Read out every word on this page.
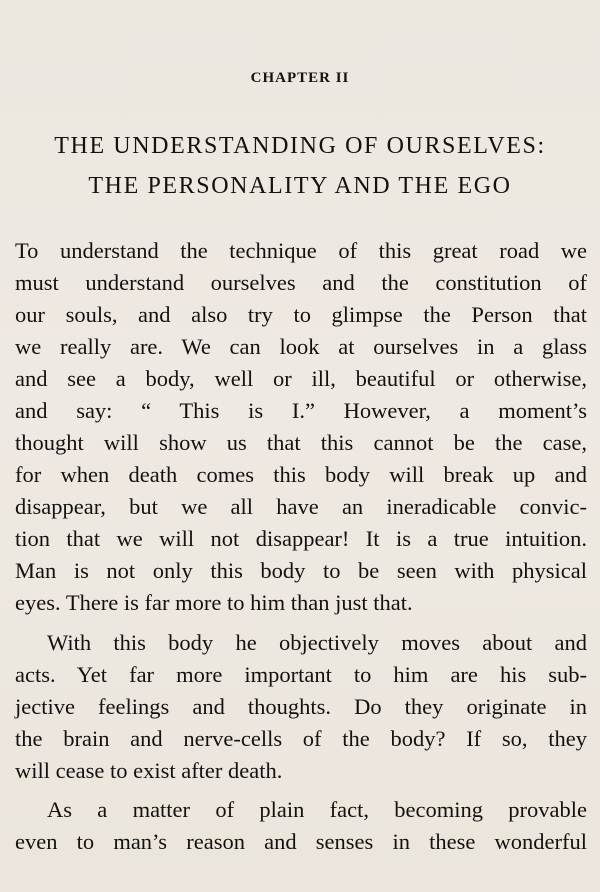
CHAPTER II
THE UNDERSTANDING OF OURSELVES:
THE PERSONALITY AND THE EGO
To understand the technique of this great road we
must understand ourselves and the constitution of
our souls, and also try to glimpse the Person that
we really are. We can look at ourselves in a glass
and see a body, well or ill, beautiful or otherwise,
and say: “ This is I.” However, a moment’s
thought will show us that this cannot be the case,
for when death comes this body will break up and
disappear, but we all have an ineradicable convic-
tion that we will not disappear! It is a true intuition.
Man is not only this body to be seen with physical
eyes. There is far more to him than just that.
With this body he objectively moves about and
acts. Yet far more important to him are his sub-
jective feelings and thoughts. Do they originate in
the brain and nerve-cells of the body? If so, they
will cease to exist after death.
As a matter of plain fact, becoming provable
even to man’s reason and senses in these wonderful
